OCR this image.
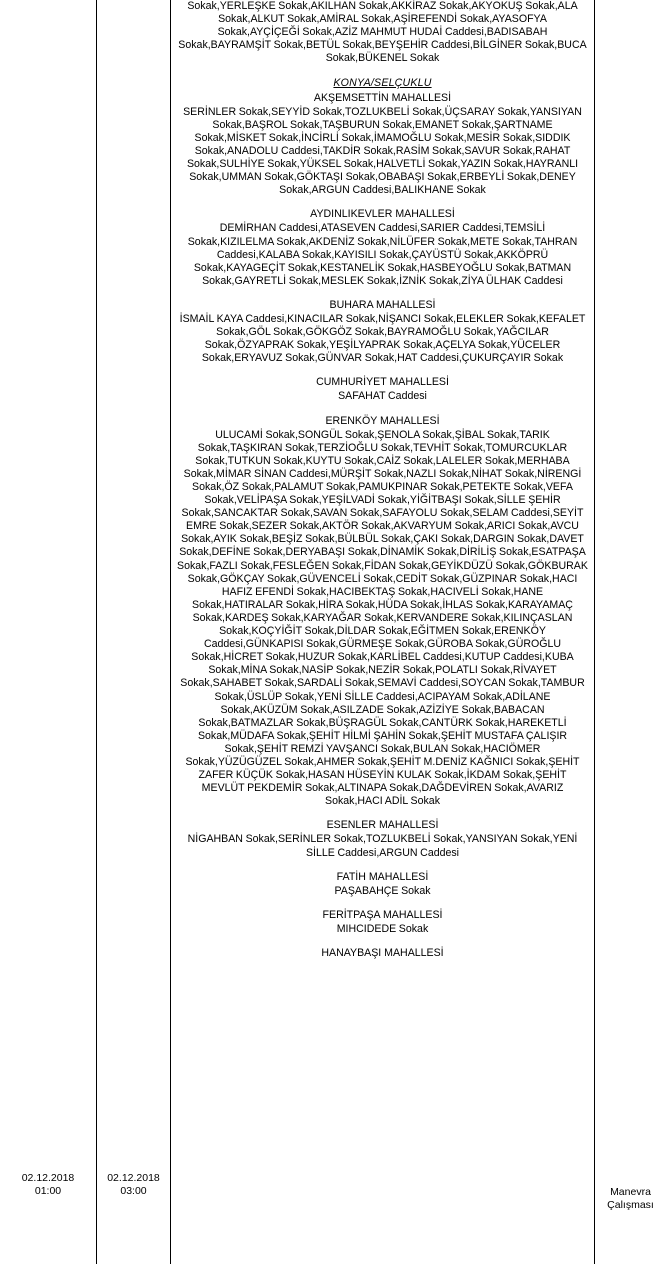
02.12.2018
01:00
02.12.2018
03:00
Sokak,YERLEŞKE Sokak,AKILHAN Sokak,AKKİRAZ Sokak,AKYOKUŞ Sokak,ALA Sokak,ALKUT Sokak,AMİRAL Sokak,AŞİREFENDİ Sokak,AYASOFYA Sokak,AYÇİÇEĞİ Sokak,AZİZ MAHMUT HUDAİ Caddesi,BADISABAH Sokak,BAYRAMŞİT Sokak,BETÜL Sokak,BEYŞEHİR Caddesi,BİLGİNER Sokak,BUCA Sokak,BÜKENEL Sokak
KONYA/SELÇUKLU
AKŞEMSETTİN MAHALLESİ
SERİNLER Sokak,SEYYİD Sokak,TOZLUKBELİ Sokak,ÜÇSARAY Sokak,YANSIYAN Sokak,BAŞROL Sokak,TAŞBURUN Sokak,EMANET Sokak,ŞARTNAME Sokak,MİSKET Sokak,İNCİRLİ Sokak,İMAMOĞLU Sokak,MESİR Sokak,SIDDIK Sokak,ANADOLU Caddesi,TAKDİR Sokak,RASİM Sokak,SAVUR Sokak,RAHAT Sokak,SULHİYE Sokak,YÜKSEL Sokak,HALVETLİ Sokak,YAZIN Sokak,HAYRANLI Sokak,UMMAN Sokak,GÖKTAŞI Sokak,OBABAŞI Sokak,ERBEYLİ Sokak,DENEY Sokak,ARGUN Caddesi,BALIKHANE Sokak
AYDINLIKEVLER MAHALLESİ
DEMİRHAN Caddesi,ATASEVEN Caddesi,SARIER Caddesi,TEMSİLİ Sokak,KIZILELMA Sokak,AKDENİZ Sokak,NİLÜFER Sokak,METE Sokak,TAHRAN Caddesi,KALABA Sokak,KAYISILI Sokak,ÇAYÜSTÜ Sokak,AKKÖPRÜ Sokak,KAYAGEÇİT Sokak,KESTANELİK Sokak,HASBEYOĞLU Sokak,BATMAN Sokak,GAYRETLİ Sokak,MESLEK Sokak,İZNİK Sokak,ZİYA ÜLHAK Caddesi
BUHARA MAHALLESİ
İSMAİL KAYA Caddesi,KINACILAR Sokak,NİŞANCI Sokak,ELEKLER Sokak,KEFALET Sokak,GÖL Sokak,GÖKGÖZ Sokak,BAYRAMOĞLU Sokak,YAĞCILAR Sokak,ÖZYAPRAK Sokak,YEŞİLYAPRAK Sokak,AÇELYA Sokak,YÜCELER Sokak,ERYAVUZ Sokak,GÜNVAR Sokak,HAT Caddesi,ÇUKURÇAYIR Sokak
CUMHURİYET MAHALLESİ
SAFAHAT Caddesi
ERENKÖY MAHALLESİ
ULUCAMİ Sokak,SONGÜL Sokak,ŞENOLA Sokak,ŞİBAL Sokak,TARIK Sokak,TAŞKIRAN Sokak,TERZİOĞLU Sokak,TEVHİT Sokak,TOMURCUKLAR Sokak,TUTKUN Sokak,KUYTU Sokak,CAİZ Sokak,LALELER Sokak,MERHABA Sokak,MİMAR SİNAN Caddesi,MÜRŞİT Sokak,NAZLI Sokak,NİHAT Sokak,NİRENGİ Sokak,ÖZ Sokak,PALAMUT Sokak,PAMUKPINAR Sokak,PETEKTE Sokak,VEFA Sokak,VELİPAŞA Sokak,YEŞİLVADİ Sokak,YİĞİTBAŞI Sokak,SİLLE ŞEHİR Sokak,SANCAKTAR Sokak,SAVAN Sokak,SAFAYOLU Sokak,SELAM Caddesi,SEYİT EMRE Sokak,SEZER Sokak,AKTÖR Sokak,AKVARYUM Sokak,ARICI Sokak,AVCU Sokak,AYIK Sokak,BEŞİZ Sokak,BÜLBÜL Sokak,ÇAKI Sokak,DARGIN Sokak,DAVET Sokak,DEFİNE Sokak,DERYABAŞI Sokak,DİNAMİK Sokak,DİRİLİŞ Sokak,ESATPAŞA Sokak,FAZLI Sokak,FESLEĞEN Sokak,FİDAN Sokak,GEYİKDÜZÜ Sokak,GÖKBURAK Sokak,GÖKÇAY Sokak,GÜVENCELİ Sokak,CEDİT Sokak,GÜZPINAR Sokak,HACI HAFIZ EFENDİ Sokak,HACIBEKTAŞ Sokak,HACIVELİ Sokak,HANE Sokak,HATIRALAR Sokak,HİRA Sokak,HÜDA Sokak,İHLAS Sokak,KARAYAMAÇ Sokak,KARDEŞ Sokak,KARYAĞAR Sokak,KERVANDERE Sokak,KILINÇASLAN Sokak,KOÇYİĞİT Sokak,DİLDAR Sokak,EĞİTMEN Sokak,ERENKÖY Caddesi,GÜNKAPISI Sokak,GÜRMEŞE Sokak,GÜROBA Sokak,GÜROĞLU Sokak,HİCRET Sokak,HUZUR Sokak,KARLİBEL Caddesi,KUTUP Caddesi,KUBA Sokak,MİNA Sokak,NASİP Sokak,NEZİR Sokak,POLATLI Sokak,RİVAYET Sokak,SAHABET Sokak,SARDALİ Sokak,SEMAVİ Caddesi,SOYCAN Sokak,TAMBUR Sokak,ÜSLÜP Sokak,YENİ SİLLE Caddesi,ACIPAYAM Sokak,ADİLANE Sokak,AKÜZÜM Sokak,ASILZADE Sokak,AZİZİYE Sokak,BABACAN Sokak,BATMAZLAR Sokak,BÜŞRAGÜL Sokak,CANTÜRK Sokak,HAREKETLİ Sokak,MÜDAFA Sokak,ŞEHİT HİLMİ ŞAHİN Sokak,ŞEHİT MUSTAFA ÇALIŞIR Sokak,ŞEHİT REMZİ YAVŞANCI Sokak,BULAN Sokak,HACIÖMER Sokak,YÜZÜGÜZEL Sokak,AHMER Sokak,ŞEHİT M.DENİZ KAĞNICI Sokak,ŞEHİT ZAFER KÜÇÜK Sokak,HASAN HÜSEYİN KULAK Sokak,İKDAM Sokak,ŞEHİT MEVLÜT PEKDEMİR Sokak,ALTINAPA Sokak,DAĞDEVİREN Sokak,AVARIZ Sokak,HACI ADİL Sokak
ESENLER MAHALLESİ
NİGAHBAN Sokak,SERİNLER Sokak,TOZLUKBELİ Sokak,YANSIYAN Sokak,YENİ SİLLE Caddesi,ARGUN Caddesi
FATİH MAHALLESİ
PAŞABAHÇE Sokak
FERİTPAŞA MAHALLESİ
MIHCIDEDE Sokak
HANAYBAŞI MAHALLESİ
Manevra
Çalışması
